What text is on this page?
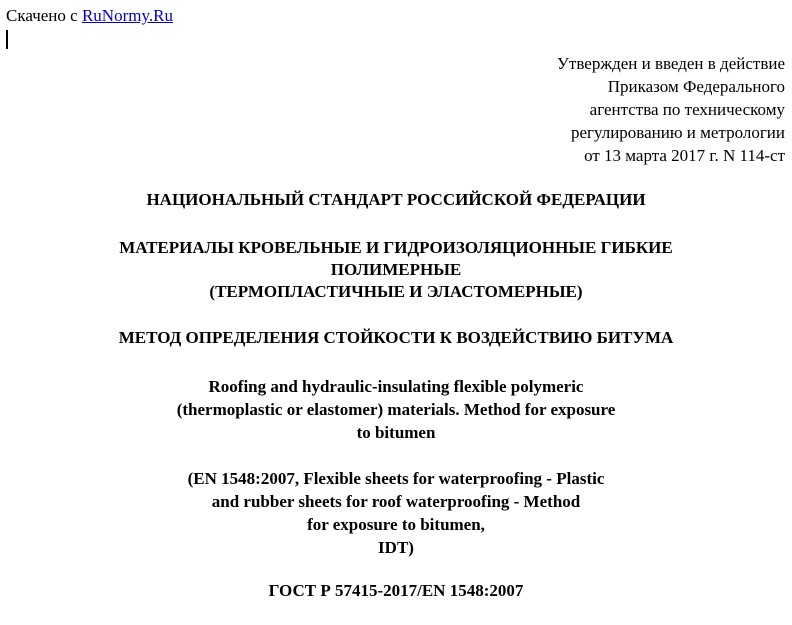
Скачено с RuNormy.Ru
Утвержден и введен в действие
Приказом Федерального
агентства по техническому
регулированию и метрологии
от 13 марта 2017 г. N 114-ст
НАЦИОНАЛЬНЫЙ СТАНДАРТ РОССИЙСКОЙ ФЕДЕРАЦИИ
МАТЕРИАЛЫ КРОВЕЛЬНЫЕ И ГИДРОИЗОЛЯЦИОННЫЕ ГИБКИЕ
ПОЛИМЕРНЫЕ
(ТЕРМОПЛАСТИЧНЫЕ И ЭЛАСТОМЕРНЫЕ)
МЕТОД ОПРЕДЕЛЕНИЯ СТОЙКОСТИ К ВОЗДЕЙСТВИЮ БИТУМА
Roofing and hydraulic-insulating flexible polymeric
(thermoplastic or elastomer) materials. Method for exposure
to bitumen
(EN 1548:2007, Flexible sheets for waterproofing - Plastic
and rubber sheets for roof waterproofing - Method
for exposure to bitumen,
IDT)
ГОСТ Р 57415-2017/EN 1548:2007
